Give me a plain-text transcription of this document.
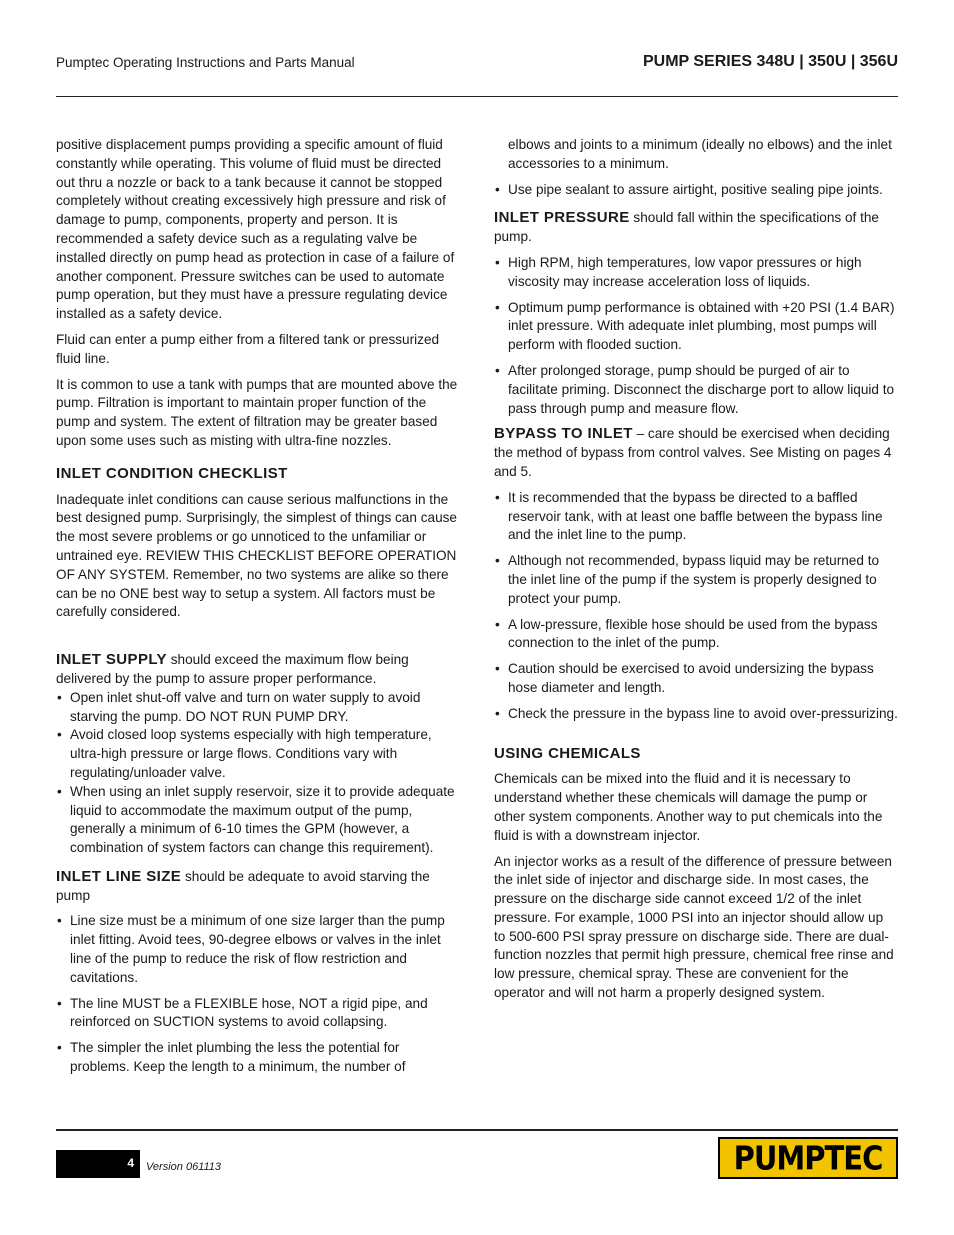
Pumptec Operating Instructions and Parts Manual	PUMP SERIES 348U | 350U | 356U

positive displacement pumps providing a specific amount of fluid constantly while operating. This volume of fluid must be directed out thru a nozzle or back to a tank because it cannot be stopped completely without creating excessively high pressure and risk of damage to pump, components, property and person. It is recommended a safety device such as a regulating valve be installed directly on pump head as protection in case of a failure of another component. Pressure switches can be used to automate pump operation, but they must have a pressure regulating device installed as a safety device.

Fluid can enter a pump either from a filtered tank or pressurized fluid line.

It is common to use a tank with pumps that are mounted above the pump. Filtration is important to maintain proper function of the pump and system. The extent of filtration may be greater based upon some uses such as misting with ultra-fine nozzles.

INLET CONDITION CHECKLIST

Inadequate inlet conditions can cause serious malfunctions in the best designed pump. Surprisingly, the simplest of things can cause the most severe problems or go unnoticed to the unfamiliar or untrained eye. REVIEW THIS CHECKLIST BEFORE OPERATION OF ANY SYSTEM. Remember, no two systems are alike so there can be no ONE best way to setup a system. All factors must be carefully considered.

INLET SUPPLY should exceed the maximum flow being delivered by the pump to assure proper performance.

• Open inlet shut-off valve and turn on water supply to avoid starving the pump. DO NOT RUN PUMP DRY.
• Avoid closed loop systems especially with high temperature, ultra-high pressure or large flows. Conditions vary with regulating/unloader valve.
• When using an inlet supply reservoir, size it to provide adequate liquid to accommodate the maximum output of the pump, generally a minimum of 6-10 times the GPM (however, a combination of system factors can change this requirement).

INLET LINE SIZE should be adequate to avoid starving the pump

• Line size must be a minimum of one size larger than the pump inlet fitting. Avoid tees, 90-degree elbows or valves in the inlet line of the pump to reduce the risk of flow restriction and cavitations.
• The line MUST be a FLEXIBLE hose, NOT a rigid pipe, and reinforced on SUCTION systems to avoid collapsing.
• The simpler the inlet plumbing the less the potential for problems. Keep the length to a minimum, the number of

elbows and joints to a minimum (ideally no elbows) and the inlet accessories to a minimum.

• Use pipe sealant to assure airtight, positive sealing pipe joints.

INLET PRESSURE should fall within the specifications of the pump.

• High RPM, high temperatures, low vapor pressures or high viscosity may increase acceleration loss of liquids.
• Optimum pump performance is obtained with +20 PSI (1.4 BAR) inlet pressure. With adequate inlet plumbing, most pumps will perform with flooded suction.
• After prolonged storage, pump should be purged of air to facilitate priming. Disconnect the discharge port to allow liquid to pass through pump and measure flow.

BYPASS TO INLET – care should be exercised when deciding the method of bypass from control valves. See Misting on pages 4 and 5.

• It is recommended that the bypass be directed to a baffled reservoir tank, with at least one baffle between the bypass line and the inlet line to the pump.
• Although not recommended, bypass liquid may be returned to the inlet line of the pump if the system is properly designed to protect your pump.
• A low-pressure, flexible hose should be used from the bypass connection to the inlet of the pump.
• Caution should be exercised to avoid undersizing the bypass hose diameter and length.
• Check the pressure in the bypass line to avoid over-pressurizing.
USING CHEMICALS

Chemicals can be mixed into the fluid and it is necessary to understand whether these chemicals will damage the pump or other system components. Another way to put chemicals into the fluid is with a downstream injector.

An injector works as a result of the difference of pressure between the inlet side of injector and discharge side. In most cases, the pressure on the discharge side cannot exceed 1/2 of the inlet pressure. For example, 1000 PSI into an injector should allow up to 500-600 PSI spray pressure on discharge side. There are dual-function nozzles that permit high pressure, chemical free rinse and low pressure, chemical spray. These are convenient for the operator and will not harm a properly designed system.

4 Version 061113	PUMPTEC
